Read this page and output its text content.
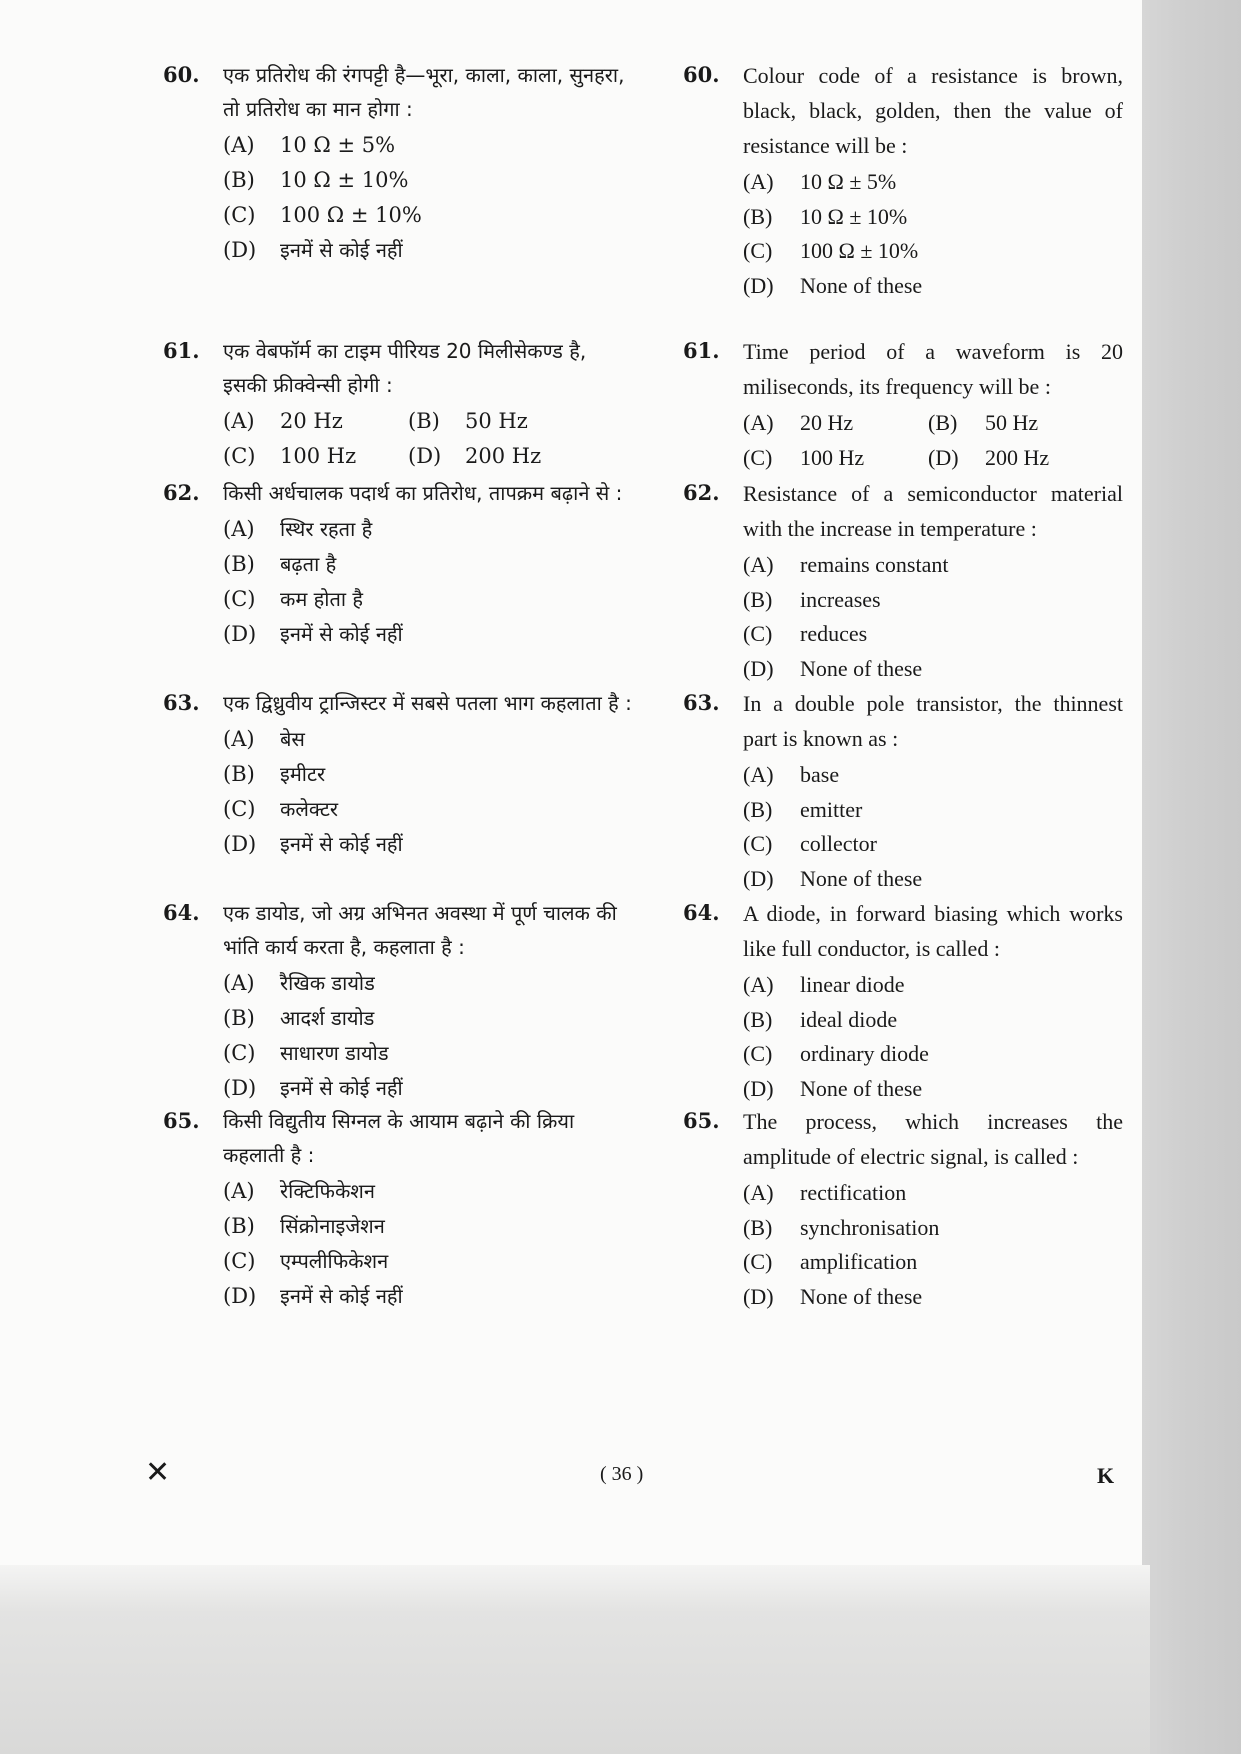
60. एक प्रतिरोध की रंगपट्टी है—भूरा, काला, काला, सुनहरा, तो प्रतिरोध का मान होगा :
(A)	10 Ω ± 5%
(B)	10 Ω ± 10%
(C)	100 Ω ± 10%
(D)	इनमें से कोई नहीं
61. एक वेबफॉर्म का टाइम पीरियड 20 मिलीसेकण्ड है, इसकी फ्रीक्वेन्सी होगी :
(A)	20 Hz	(B)	50 Hz
(C)	100 Hz (D)	200 Hz
62. किसी अर्धचालक पदार्थ का प्रतिरोध, तापक्रम बढ़ाने से :
(A)	स्थिर रहता है
(B)	बढ़ता है
(C)	कम होता है
(D)	इनमें से कोई नहीं
63. एक द्विध्रुवीय ट्रान्जिस्टर में सबसे पतला भाग कहलाता है :
(A)	बेस
(B)	इमीटर
(C)	कलेक्टर
(D)	इनमें से कोई नहीं
64. एक डायोड, जो अग्र अभिनत अवस्था में पूर्ण चालक की भांति कार्य करता है, कहलाता है :
(A)	रैखिक डायोड
(B)	आदर्श डायोड
(C)	साधारण डायोड
(D)	इनमें से कोई नहीं
65. किसी विद्युतीय सिग्नल के आयाम बढ़ाने की क्रिया कहलाती है :
(A)	रेक्टिफिकेशन
(B)	सिंक्रोनाइजेशन
(C)	एम्पलीफिकेशन
(D)	इनमें से कोई नहीं
60. Colour code of a resistance is brown, black, black, golden, then the value of resistance will be :
(A)	10 Ω ± 5%
(B)	10 Ω ± 10%
(C)	100 Ω ± 10%
(D)	None of these
61. Time period of a waveform is 20 miliseconds, its frequency will be :
(A)	20 Hz	(B)	50 Hz
(C)	100 Hz	(D)	200 Hz
62. Resistance of a semiconductor material with the increase in temperature :
(A)	remains constant
(B)	increases
(C)	reduces
(D)	None of these
63. In a double pole transistor, the thinnest part is known as :
(A)	base
(B)	emitter
(C)	collector
(D)	None of these
64. A diode, in forward biasing which works like full conductor, is called :
(A)	linear diode
(B)	ideal diode
(C)	ordinary diode
(D)	None of these
65. The process, which increases the amplitude of electric signal, is called :
(A)	rectification
(B)	synchronisation
(C)	amplification
(D)	None of these
✕	( 36 )	K
